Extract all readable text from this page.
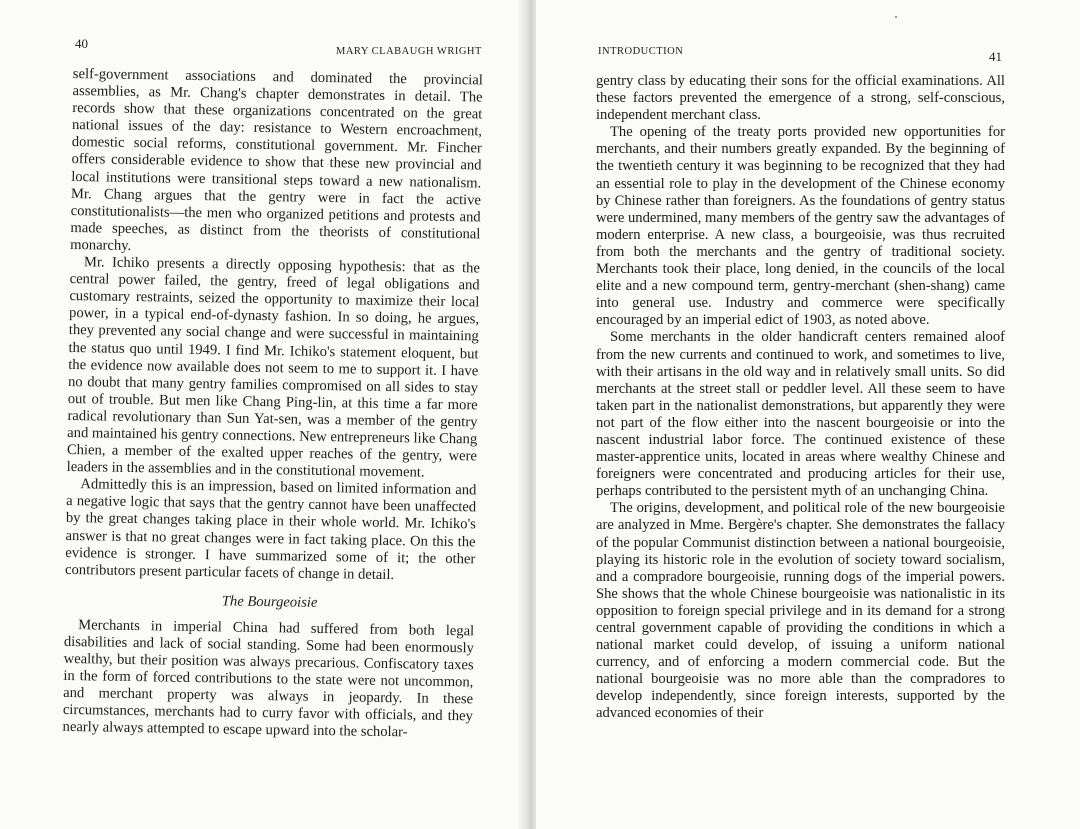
40
MARY CLABAUGH WRIGHT

self-government associations and dominated the provincial assemblies, as Mr. Chang's chapter demonstrates in detail. The records show that these organizations concentrated on the great national issues of the day: resistance to Western encroachment, domestic social reforms, constitutional government. Mr. Fincher offers considerable evidence to show that these new provincial and local institutions were transitional steps toward a new nationalism. Mr. Chang argues that the gentry were in fact the active constitutionalists—the men who organized petitions and protests and made speeches, as distinct from the theorists of constitutional monarchy.

Mr. Ichiko presents a directly opposing hypothesis: that as the central power failed, the gentry, freed of legal obligations and customary restraints, seized the opportunity to maximize their local power, in a typical end-of-dynasty fashion. In so doing, he argues, they prevented any social change and were successful in maintaining the status quo until 1949. I find Mr. Ichiko's statement eloquent, but the evidence now available does not seem to me to support it. I have no doubt that many gentry families compromised on all sides to stay out of trouble. But men like Chang Ping-lin, at this time a far more radical revolutionary than Sun Yat-sen, was a member of the gentry and maintained his gentry connections. New entrepreneurs like Chang Chien, a member of the exalted upper reaches of the gentry, were leaders in the assemblies and in the constitutional movement.

Admittedly this is an impression, based on limited information and a negative logic that says that the gentry cannot have been unaffected by the great changes taking place in their whole world. Mr. Ichiko's answer is that no great changes were in fact taking place. On this the evidence is stronger. I have summarized some of it; the other contributors present particular facets of change in detail.

The Bourgeoisie

Merchants in imperial China had suffered from both legal disabilities and lack of social standing. Some had been enormously wealthy, but their position was always precarious. Confiscatory taxes in the form of forced contributions to the state were not uncommon, and merchant property was always in jeopardy. In these circumstances, merchants had to curry favor with officials, and they nearly always attempted to escape upward into the scholar-

INTRODUCTION	41

gentry class by educating their sons for the official examinations. All these factors prevented the emergence of a strong, self-conscious, independent merchant class.

The opening of the treaty ports provided new opportunities for merchants, and their numbers greatly expanded. By the beginning of the twentieth century it was beginning to be recognized that they had an essential role to play in the development of the Chinese economy by Chinese rather than foreigners. As the foundations of gentry status were undermined, many members of the gentry saw the advantages of modern enterprise. A new class, a bourgeoisie, was thus recruited from both the merchants and the gentry of traditional society. Merchants took their place, long denied, in the councils of the local elite and a new compound term, gentry-merchant (shen-shang) came into general use. Industry and commerce were specifically encouraged by an imperial edict of 1903, as noted above.

Some merchants in the older handicraft centers remained aloof from the new currents and continued to work, and sometimes to live, with their artisans in the old way and in relatively small units. So did merchants at the street stall or peddler level. All these seem to have taken part in the nationalist demonstrations, but apparently they were not part of the flow either into the nascent bourgeoisie or into the nascent industrial labor force. The continued existence of these master-apprentice units, located in areas where wealthy Chinese and foreigners were concentrated and producing articles for their use, perhaps contributed to the persistent myth of an unchanging China.

The origins, development, and political role of the new bourgeoisie are analyzed in Mme. Bergère's chapter. She demonstrates the fallacy of the popular Communist distinction between a national bourgeoisie, playing its historic role in the evolution of society toward socialism, and a compradore bourgeoisie, running dogs of the imperial powers. She shows that the whole Chinese bourgeoisie was nationalistic in its opposition to foreign special privilege and in its demand for a strong central government capable of providing the conditions in which a national market could develop, of issuing a uniform national currency, and of enforcing a modern commercial code. But the national bourgeoisie was no more able than the compradores to develop independently, since foreign interests, supported by the advanced economies of their
